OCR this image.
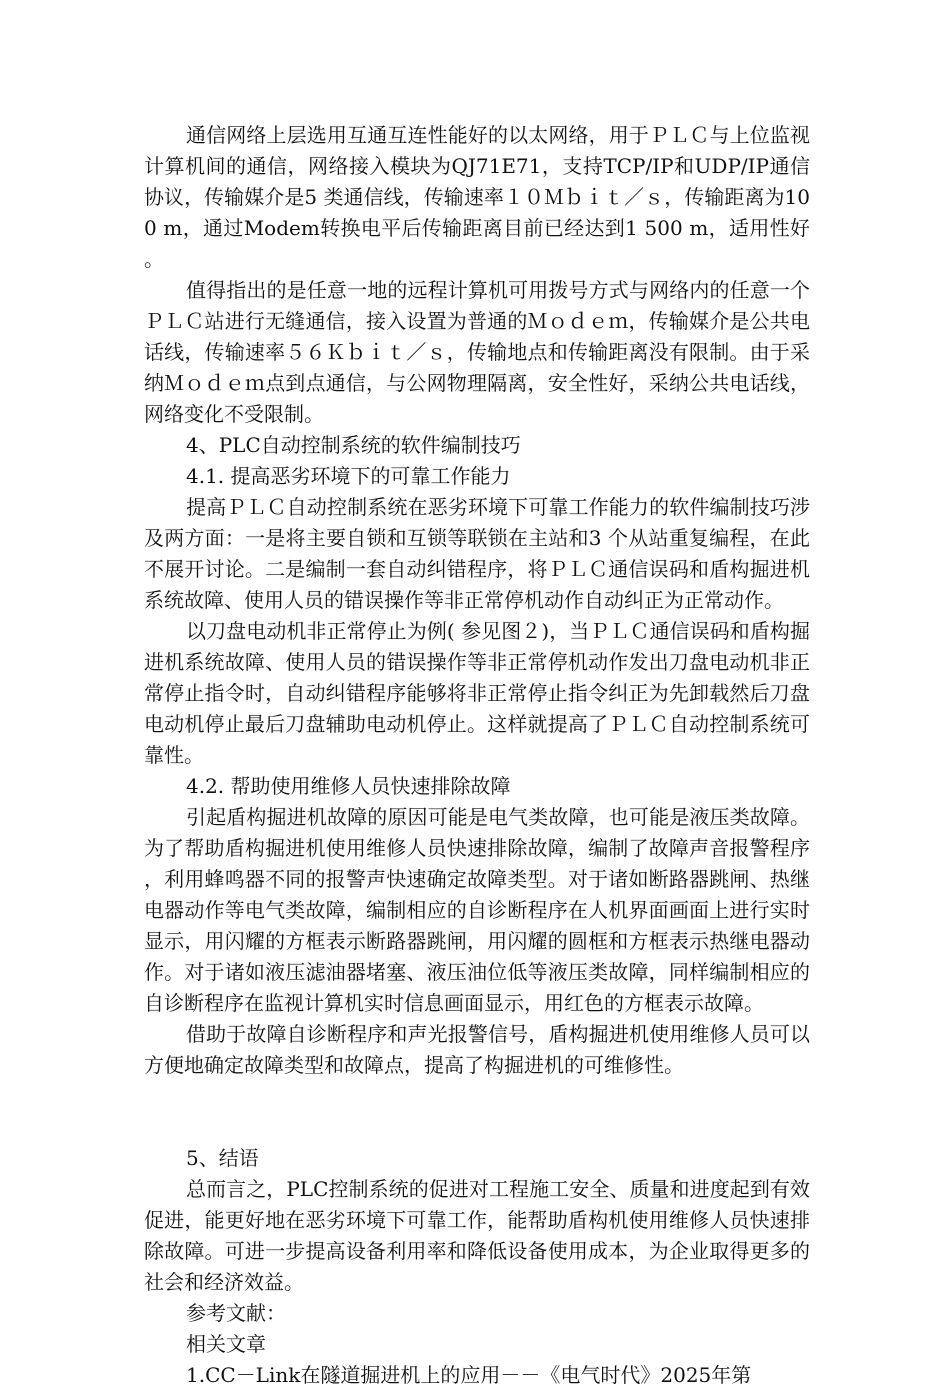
通信网络上层选用互通互连性能好的以太网络，用于ＰＬＣ与上位监视计算机间的通信，网络接入模块为QJ71E71，支持TCP/IP和UDP/IP通信协议，传输媒介是5 类通信线，传输速率１０Ｍｂｉｔ／ｓ，传输距离为100 m，通过Modem转换电平后传输距离目前已经达到1 500 m，适用性好。

值得指出的是任意一地的远程计算机可用拨号方式与网络内的任意一个ＰＬＣ站进行无缝通信，接入设置为普通的Ｍｏｄｅｍ，传输媒介是公共电话线，传输速率５６Ｋｂｉｔ／ｓ，传输地点和传输距离没有限制。由于采纳Ｍｏｄｅｍ点到点通信，与公网物理隔离，安全性好，采纳公共电话线，网络变化不受限制。

4、PLC自动控制系统的软件编制技巧

4.1. 提高恶劣环境下的可靠工作能力

提高ＰＬＣ自动控制系统在恶劣环境下可靠工作能力的软件编制技巧涉及两方面：一是将主要自锁和互锁等联锁在主站和3 个从站重复编程，在此不展开讨论。二是编制一套自动纠错程序，将ＰＬＣ通信误码和盾构掘进机系统故障、使用人员的错误操作等非正常停机动作自动纠正为正常动作。

以刀盘电动机非正常停止为例( 参见图２)，当ＰＬＣ通信误码和盾构掘进机系统故障、使用人员的错误操作等非正常停机动作发出刀盘电动机非正常停止指令时，自动纠错程序能够将非正常停止指令纠正为先卸载然后刀盘电动机停止最后刀盘辅助电动机停止。这样就提高了ＰＬＣ自动控制系统可靠性。

4.2. 帮助使用维修人员快速排除故障

引起盾构掘进机故障的原因可能是电气类故障，也可能是液压类故障。为了帮助盾构掘进机使用维修人员快速排除故障，编制了故障声音报警程序，利用蜂鸣器不同的报警声快速确定故障类型。对于诸如断路器跳闸、热继电器动作等电气类故障，编制相应的自诊断程序在人机界面画面上进行实时显示，用闪耀的方框表示断路器跳闸，用闪耀的圆框和方框表示热继电器动作。对于诸如液压滤油器堵塞、液压油位低等液压类故障，同样编制相应的自诊断程序在监视计算机实时信息画面显示，用红色的方框表示故障。

借助于故障自诊断程序和声光报警信号，盾构掘进机使用维修人员可以方便地确定故障类型和故障点，提高了构掘进机的可维修性。

5、结语

总而言之，PLC控制系统的促进对工程施工安全、质量和进度起到有效促进，能更好地在恶劣环境下可靠工作，能帮助盾构机使用维修人员快速排除故障。可进一步提高设备利用率和降低设备使用成本，为企业取得更多的社会和经济效益。

参考文献：

相关文章

1.CC－Link在隧道掘进机上的应用－－《电气时代》2025年第
